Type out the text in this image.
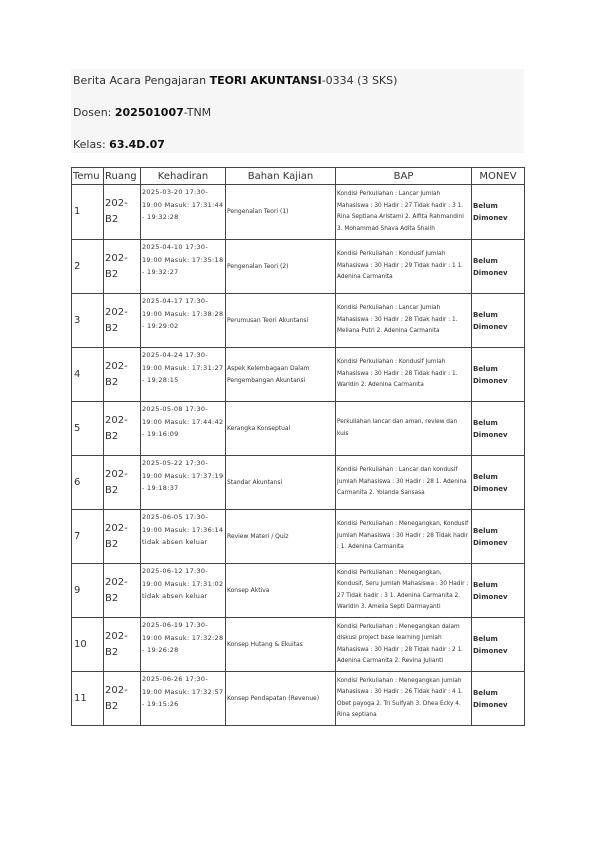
Berita Acara Pengajaran TEORI AKUNTANSI-0334 (3 SKS)
Dosen: 202501007-TNM
Kelas: 63.4D.07
Temu	Ruang	Kehadiran	Bahan Kajian	BAP	MONEV
1	202-B2	2025-03-20 17:30-19:00 Masuk: 17:31:44 - 19:32:28	Pengenalan Teori (1)	Kondisi Perkuliahan : Lancar Jumlah Mahasiswa : 30 Hadir : 27 Tidak hadir : 3 1. Rina Septiana Aristami 2. Alfita Rahmandini 3. Mohammad Shava Adita Shalih	Belum Dimonev
2	202-B2	2025-04-10 17:30-19:00 Masuk: 17:35:18 - 19:32:27	Pengenalan Teori (2)	Kondisi Perkuliahan : Kondusif Jumlah Mahasiswa : 30 Hadir : 29 Tidak hadir : 1 1. Adenina Carmanita	Belum Dimonev
3	202-B2	2025-04-17 17:30-19:00 Masuk: 17:38:28 - 19:29:02	Perumusan Teori Akuntansi	Kondisi Perkuliahan : Lancar Jumlah Mahasiswa : 30 Hadir : 28 Tidak hadir : 1. Meliana Putri 2. Adenina Carmanita	Belum Dimonev
4	202-B2	2025-04-24 17:30-19:00 Masuk: 17:31:27 - 19:28:15	Aspek Kelembagaan Dalam Pengembangan Akuntansi	Kondisi Perkuliahan : Kondusif Jumlah Mahasiswa : 30 Hadir : 28 Tidak hadir : 1. Warldin 2. Adenina Carmanita	Belum Dimonev
5	202-B2	2025-05-08 17:30-19:00 Masuk: 17:44:42 - 19:16:09	Kerangka Konseptual	Perkuliahan lancar dan aman, review dan kuis	Belum Dimonev
6	202-B2	2025-05-22 17:30-19:00 Masuk: 17:37:19 - 19:18:37	Standar Akuntansi	Kondisi Perkuliahan : Lancar dan kondusif Jumlah Mahasiswa : 30 Hadir : 28 1. Adenina Carmanita 2. Yolanda Sansasa	Belum Dimonev
7	202-B2	2025-06-05 17:30-19:00 Masuk: 17:36:14 tidak absen keluar	Review Materi / Quiz	Kondisi Perkuliahan : Menegangkan, Kondusif Jumlah Mahasiswa : 30 Hadir : 28 Tidak hadir : 1. Adenina Carmanita	Belum Dimonev
9	202-B2	2025-06-12 17:30-19:00 Masuk: 17:31:02 tidak absen keluar	Konsep Aktiva	Kondisi Perkuliahan : Menegangkan, Kondusif, Seru Jumlah Mahasiswa : 30 Hadir : 27 Tidak hadir : 3 1. Adenina Carmanita 2. Warldin 3. Amelia Septi Darmayanti	Belum Dimonev
10	202-B2	2025-06-19 17:30-19:00 Masuk: 17:32:28 - 19:26:28	Konsep Hutang & Ekuitas	Kondisi Perkuliahan : Menegangkan dalam diskusi project base learning Jumlah Mahasiswa : 30 Hadir : 28 Tidak hadir : 2 1. Adenina Carmanita 2. Revina Julianti	Belum Dimonev
11	202-B2	2025-06-26 17:30-19:00 Masuk: 17:32:57 - 19:15:26	Konsep Pendapatan (Revenue)	Kondisi Perkuliahan : Menegangkan Jumlah Mahasiswa : 30 Hadir : 26 Tidak hadir : 4 1. Obet payoga 2. Tri Sulfyah 3. Dhea Ecky 4. Rina septiana	Belum Dimonev
